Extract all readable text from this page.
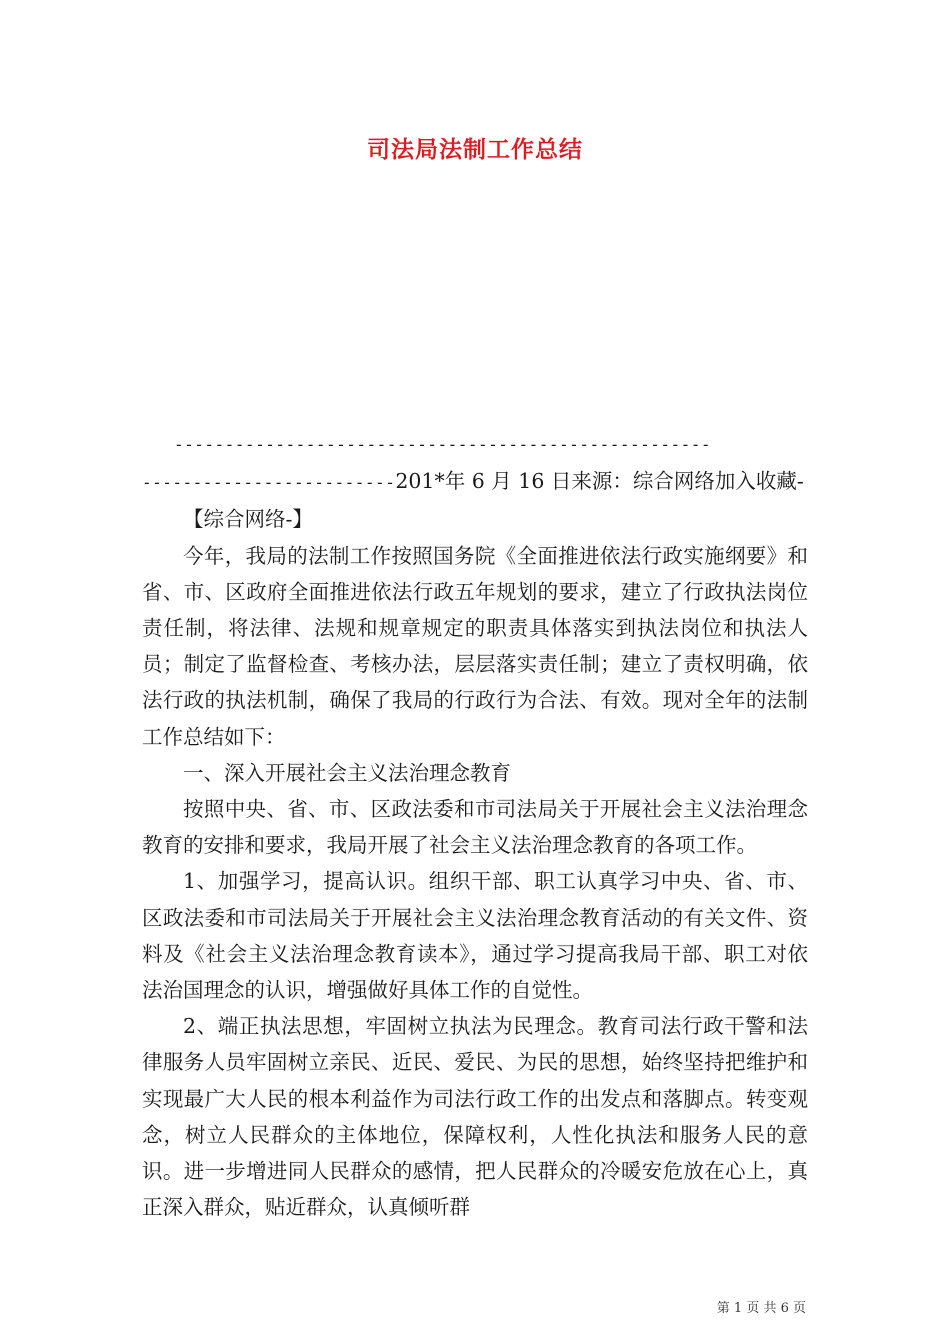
司法局法制工作总结
-----------------------------------------------------

-------------------------201*年 6 月 16 日来源：综合网络加入收藏-

【综合网络-】

今年，我局的法制工作按照国务院《全面推进依法行政实施纲要》和省、市、区政府全面推进依法行政五年规划的要求，建立了行政执法岗位责任制，将法律、法规和规章规定的职责具体落实到执法岗位和执法人员；制定了监督检查、考核办法，层层落实责任制；建立了责权明确，依法行政的执法机制，确保了我局的行政行为合法、有效。现对全年的法制工作总结如下：

一、深入开展社会主义法治理念教育

按照中央、省、市、区政法委和市司法局关于开展社会主义法治理念教育的安排和要求，我局开展了社会主义法治理念教育的各项工作。

1、加强学习，提高认识。组织干部、职工认真学习中央、省、市、区政法委和市司法局关于开展社会主义法治理念教育活动的有关文件、资料及《社会主义法治理念教育读本》，通过学习提高我局干部、职工对依法治国理念的认识，增强做好具体工作的自觉性。

2、端正执法思想，牢固树立执法为民理念。教育司法行政干警和法律服务人员牢固树立亲民、近民、爱民、为民的思想，始终坚持把维护和实现最广大人民的根本利益作为司法行政工作的出发点和落脚点。转变观念，树立人民群众的主体地位，保障权利，人性化执法和服务人民的意识。进一步增进同人民群众的感情，把人民群众的冷暖安危放在心上，真正深入群众，贴近群众，认真倾听群

第 1 页 共 6 页
